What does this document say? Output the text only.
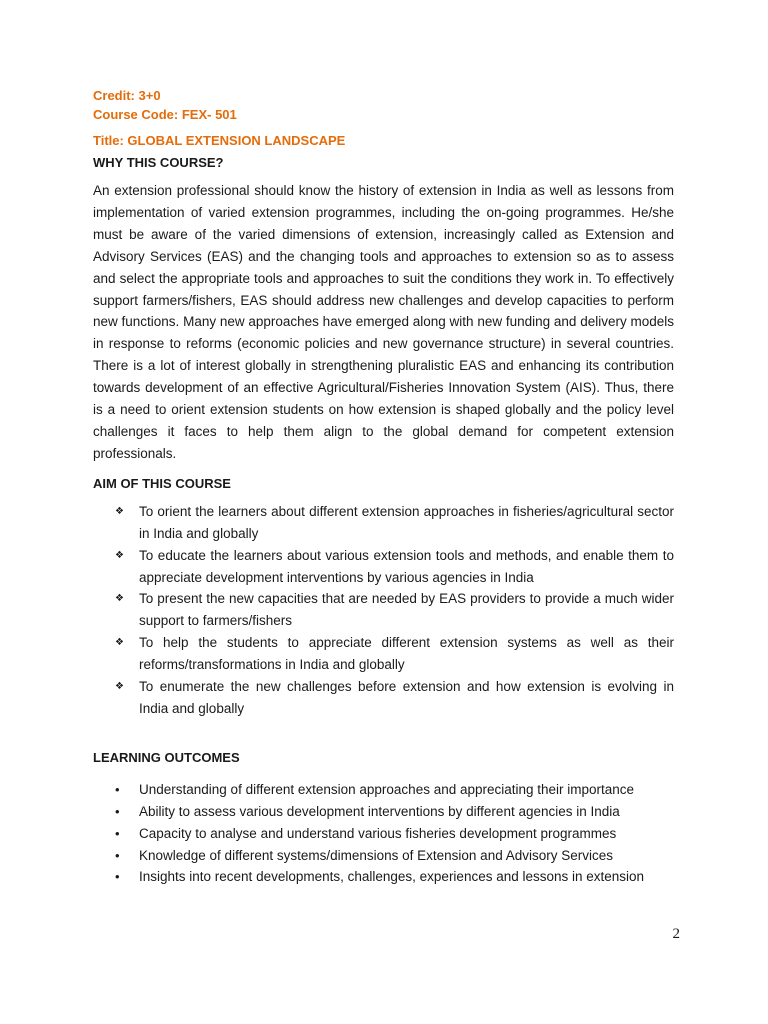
Credit: 3+0

Course Code: FEX- 501

Title: GLOBAL EXTENSION LANDSCAPE

WHY THIS COURSE?

An extension professional should know the history of extension in India as well as lessons from implementation of varied extension programmes, including the on-going programmes. He/she must be aware of the varied dimensions of extension, increasingly called as Extension and Advisory Services (EAS) and the changing tools and approaches to extension so as to assess and select the appropriate tools and approaches to suit the conditions they work in. To effectively support farmers/fishers, EAS should address new challenges and develop capacities to perform new functions. Many new approaches have emerged along with new funding and delivery models in response to reforms (economic policies and new governance structure) in several countries. There is a lot of interest globally in strengthening pluralistic EAS and enhancing its contribution towards development of an effective Agricultural/Fisheries Innovation System (AIS). Thus, there is a need to orient extension students on how extension is shaped globally and the policy level challenges it faces to help them align to the global demand for competent extension professionals.

AIM OF THIS COURSE

❖ To orient the learners about different extension approaches in fisheries/agricultural sector in India and globally
❖ To educate the learners about various extension tools and methods, and enable them to appreciate development interventions by various agencies in India
❖ To present the new capacities that are needed by EAS providers to provide a much wider support to farmers/fishers
❖ To help the students to appreciate different extension systems as well as their reforms/transformations in India and globally
❖ To enumerate the new challenges before extension and how extension is evolving in India and globally

LEARNING OUTCOMES

• Understanding of different extension approaches and appreciating their importance
• Ability to assess various development interventions by different agencies in India
• Capacity to analyse and understand various fisheries development programmes
• Knowledge of different systems/dimensions of Extension and Advisory Services
• Insights into recent developments, challenges, experiences and lessons in extension
2
